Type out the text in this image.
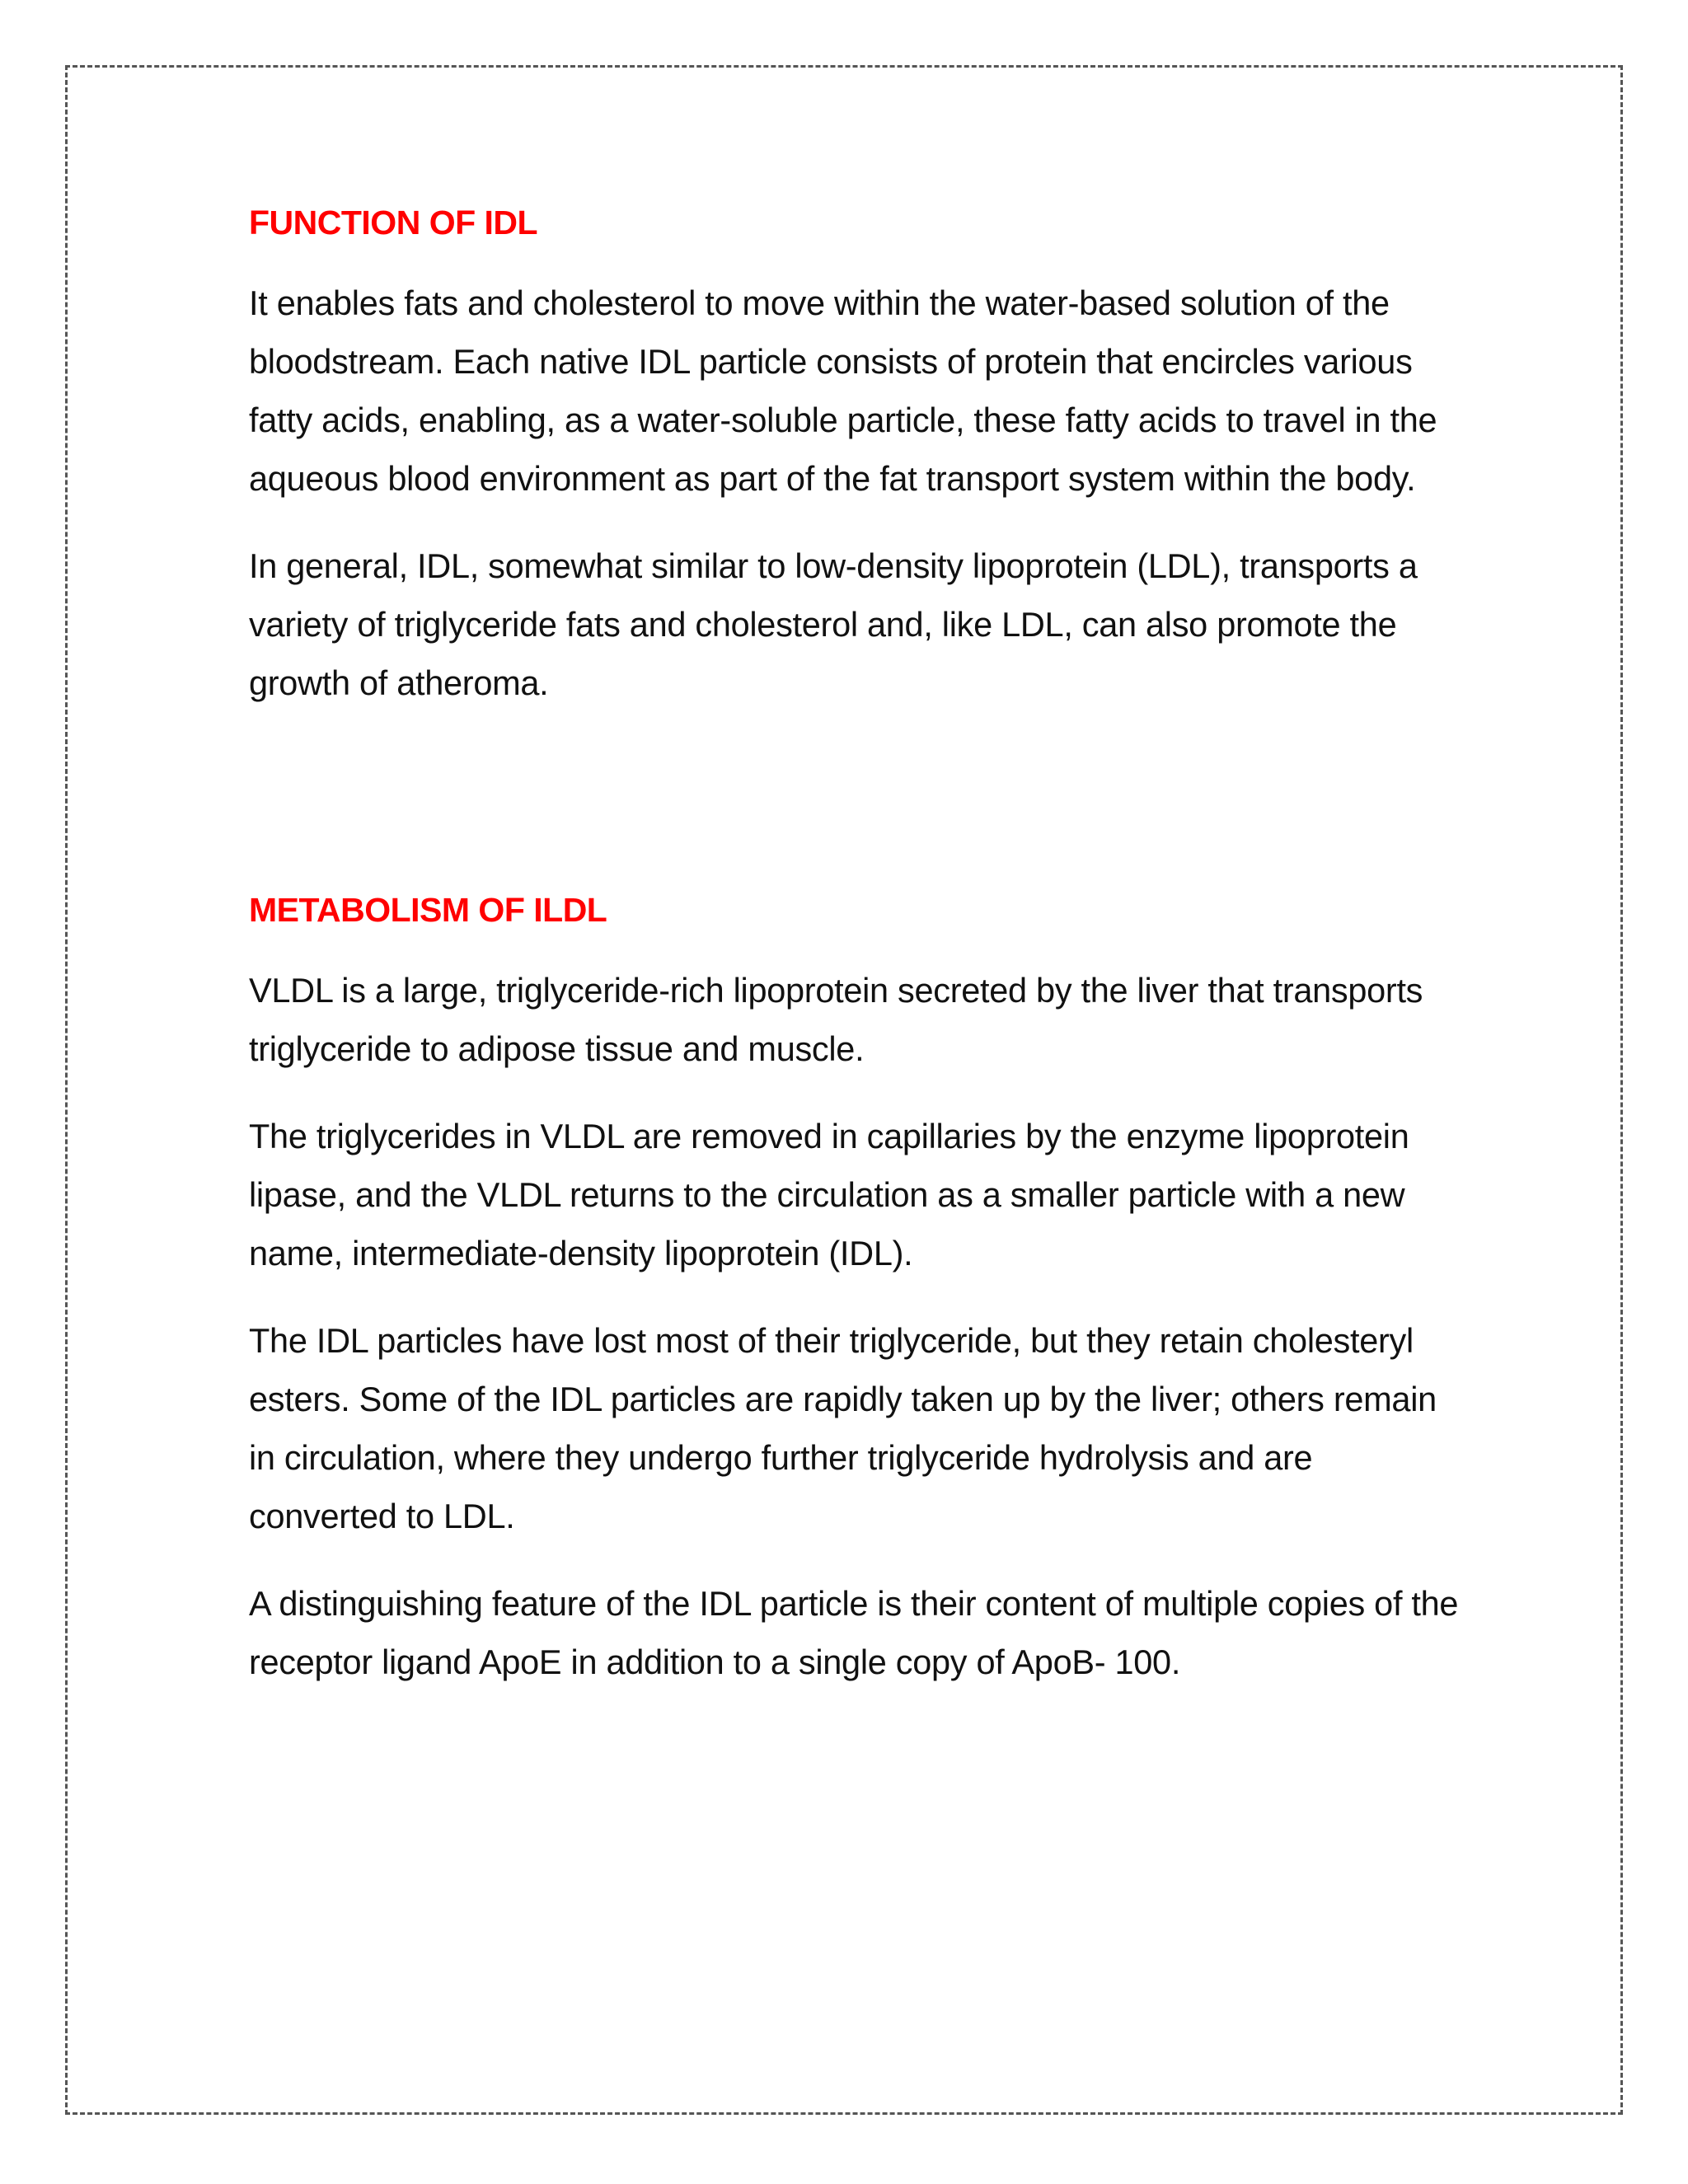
FUNCTION OF IDL

It enables fats and cholesterol to move within the water-based solution of the bloodstream. Each native IDL particle consists of protein that encircles various fatty acids, enabling, as a water-soluble particle, these fatty acids to travel in the aqueous blood environment as part of the fat transport system within the body.

In general, IDL, somewhat similar to low-density lipoprotein (LDL), transports a variety of triglyceride fats and cholesterol and, like LDL, can also promote the growth of atheroma.

METABOLISM OF ILDL

VLDL is a large, triglyceride-rich lipoprotein secreted by the liver that transports triglyceride to adipose tissue and muscle.

The triglycerides in VLDL are removed in capillaries by the enzyme lipoprotein lipase, and the VLDL returns to the circulation as a smaller particle with a new name, intermediate-density lipoprotein (IDL).

The IDL particles have lost most of their triglyceride, but they retain cholesteryl esters. Some of the IDL particles are rapidly taken up by the liver; others remain in circulation, where they undergo further triglyceride hydrolysis and are converted to LDL.

A distinguishing feature of the IDL particle is their content of multiple copies of the receptor ligand ApoE in addition to a single copy of ApoB- 100.
